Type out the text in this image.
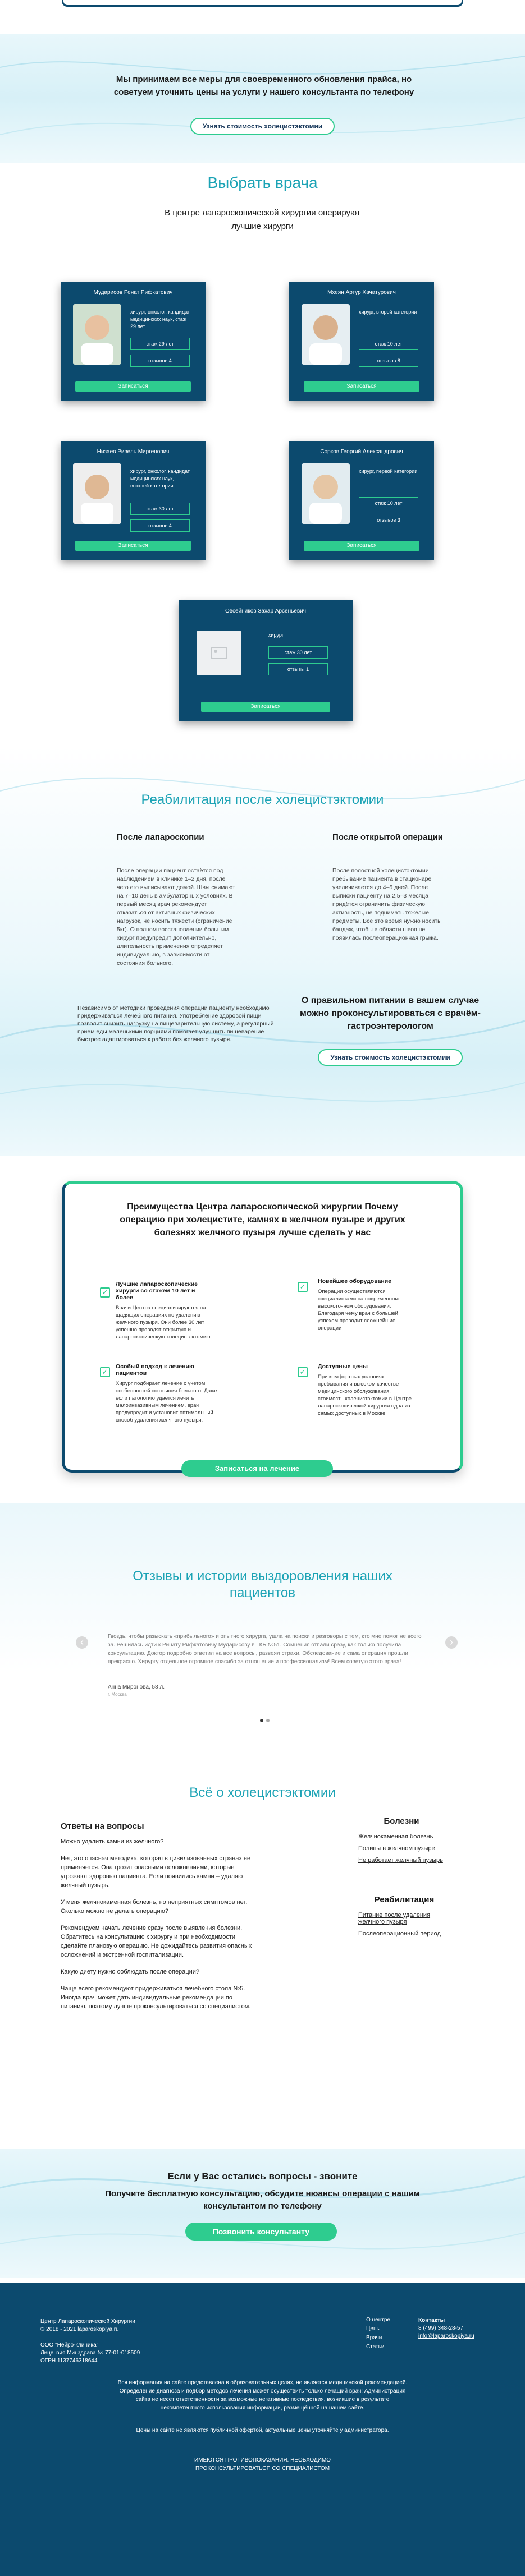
Мы принимаем все меры для своевременного обновления прайса, но советуем уточнить цены на услуги у нашего консультанта по телефону
Узнать стоимость холецистэктомии
Выбрать врача
В центре лапароскопической хирургии оперируют лучшие хирурги
Мударисов Ренат Рифкатович
хирург, онколог, кандидат медицинских наук, стаж 29 лет.
стаж 29 лет
отзывов 4
Записаться
Мхеян Артур Хачатурович
хирург, второй категории
стаж 10 лет
отзывов 8
Записаться
Низаев Ривель Миргенович
хирург, онколог, кандидат медицинских наук, высшей категории
стаж 30 лет
отзывов 4
Записаться
Сорков Георгий Александрович
хирург, первой категории
стаж 10 лет
отзывов 3
Записаться
Овсейников Захар Арсеньевич
хирург
стаж 30 лет
отзывы 1
Записаться
Реабилитация после холецистэктомии
После лапароскопии
После операции пациент остаётся под наблюдением в клинике 1–2 дня, после чего его выписывают домой. Швы снимают на 7–10 день в амбулаторных условиях. В первый месяц врач рекомендует отказаться от активных физических нагрузок, не носить тяжести (ограничение 5кг). О полном восстановлении больным хирург предупредит дополнительно, длительность применения определяет индивидуально, в зависимости от состояния больного.
После открытой операции
После полостной холецистэктомии пребывание пациента в стационаре увеличивается до 4–5 дней. После выписки пациенту на 2,5–3 месяца придётся ограничить физическую активность, не поднимать тяжелые предметы. Все это время нужно носить бандаж, чтобы в области швов не появилась послеоперационная грыжа.
Независимо от методики проведения операции пациенту необходимо придерживаться лечебного питания. Употребление здоровой пищи позволит снизить нагрузку на пищеварительную систему, а регулярный прием еды маленькими порциями помогает улучшить пищеварение быстрее адаптироваться к работе без желчного пузыря.
О правильном питании в вашем случае можно проконсультироваться с врачём-гастроэнтерологом
Узнать стоимость холецистэктомии
Преимущества Центра лапароскопической хирургии Почему операцию при холецистите, камнях в желчном пузыре и других болезнях желчного пузыря лучше сделать у нас
✓
Лучшие лапароскопические хирурги со стажем 10 лет и более
Врачи Центра специализируются на щадящих операциях по удалению желчного пузыря. Они более 30 лет успешно проводят открытую и лапароскопическую холецистэктомию.
✓
Новейшее оборудование
Операции осуществляются специалистами на современном высокоточном оборудовании. Благодаря чему врач с большей успехом проводит сложнейшие операции
✓
Особый подход к лечению пациентов
Хирург подбирает лечение с учетом особенностей состояния больного. Даже если патологию удается лечить малоинвазивным лечением, врач предупредит и установит оптимальный способ удаления желчного пузыря.
✓
Доступные цены
При комфортных условиях пребывания и высоком качестве медицинского обслуживания, стоимость холецистэктомии в Центре лапароскопической хирургии одна из самых доступных в Москве
Записаться на лечение
Отзывы и истории выздоровления наших пациентов
Гвоздь, чтобы разыскать «прибыльного» и опытного хирурга, ушла на поиски и разговоры с тем, кто мне помог не всего за. Решилась идти к Ринату Рифкатовичу Мударисову в ГКБ №51. Сомнения отпали сразу, как только получила консультацию. Доктор подробно ответил на все вопросы, развеял страхи. Обследование и сама операция прошли прекрасно. Хирургу отдельное огромное спасибо за отношение и профессионализм! Всем советую этого врача!
Анна Миронова, 58 л.
г. Москва
‹	›
Всё о холецистэктомии
Ответы на вопросы
Можно удалить камни из желчного?
Нет, это опасная методика, которая в цивилизованных странах не применяется. Она грозит опасными осложнениями, которые угрожают здоровью пациента. Если появились камни – удаляют желчный пузырь.
У меня желчнокаменная болезнь, но неприятных симптомов нет. Сколько можно не делать операцию?
Рекомендуем начать лечение сразу после выявления болезни. Обратитесь на консультацию к хирургу и при необходимости сделайте плановую операцию. Не дожидайтесь развития опасных осложнений и экстренной госпитализации.
Какую диету нужно соблюдать после операции?
Чаще всего рекомендуют придерживаться лечебного стола №5. Иногда врач может дать индивидуальные рекомендации по питанию, поэтому лучше проконсультироваться со специалистом.
Болезни
Желчнокаменная болезнь
Полипы в желчном пузыре
Не работает желчный пузырь
Реабилитация
Питание после удаления желчного пузыря
Послеоперационный период
Если у Вас остались вопросы - звоните
Получите бесплатную консультацию, обсудите нюансы операции с нашим консультантом по телефону
Позвонить консультанту
Центр Лапароскопической Хирургии
© 2018 - 2021 laparoskopiya.ru
ООО "Нейро-клиника"
Лицензия Минздрава № 77-01-018509
ОГРН 1137746318644
О центре
Цены
Врачи
Статьи
Контакты
8 (499) 348-28-57
info@laparoskopiya.ru
Вся информация на сайте представлена в образовательных целях, не является медицинской рекомендацией. Определение диагноза и подбор методов лечения может осуществить только лечащий врач! Администрация сайта не несёт ответственности за возможные негативные последствия, возникшие в результате некомпетентного использования информации, размещённой на нашем сайте.
Цены на сайте не являются публичной офертой, актуальные цены уточняйте у администратора.
ИМЕЮТСЯ ПРОТИВОПОКАЗАНИЯ. НЕОБХОДИМО ПРОКОНСУЛЬТИРОВАТЬСЯ СО СПЕЦИАЛИСТОМ
